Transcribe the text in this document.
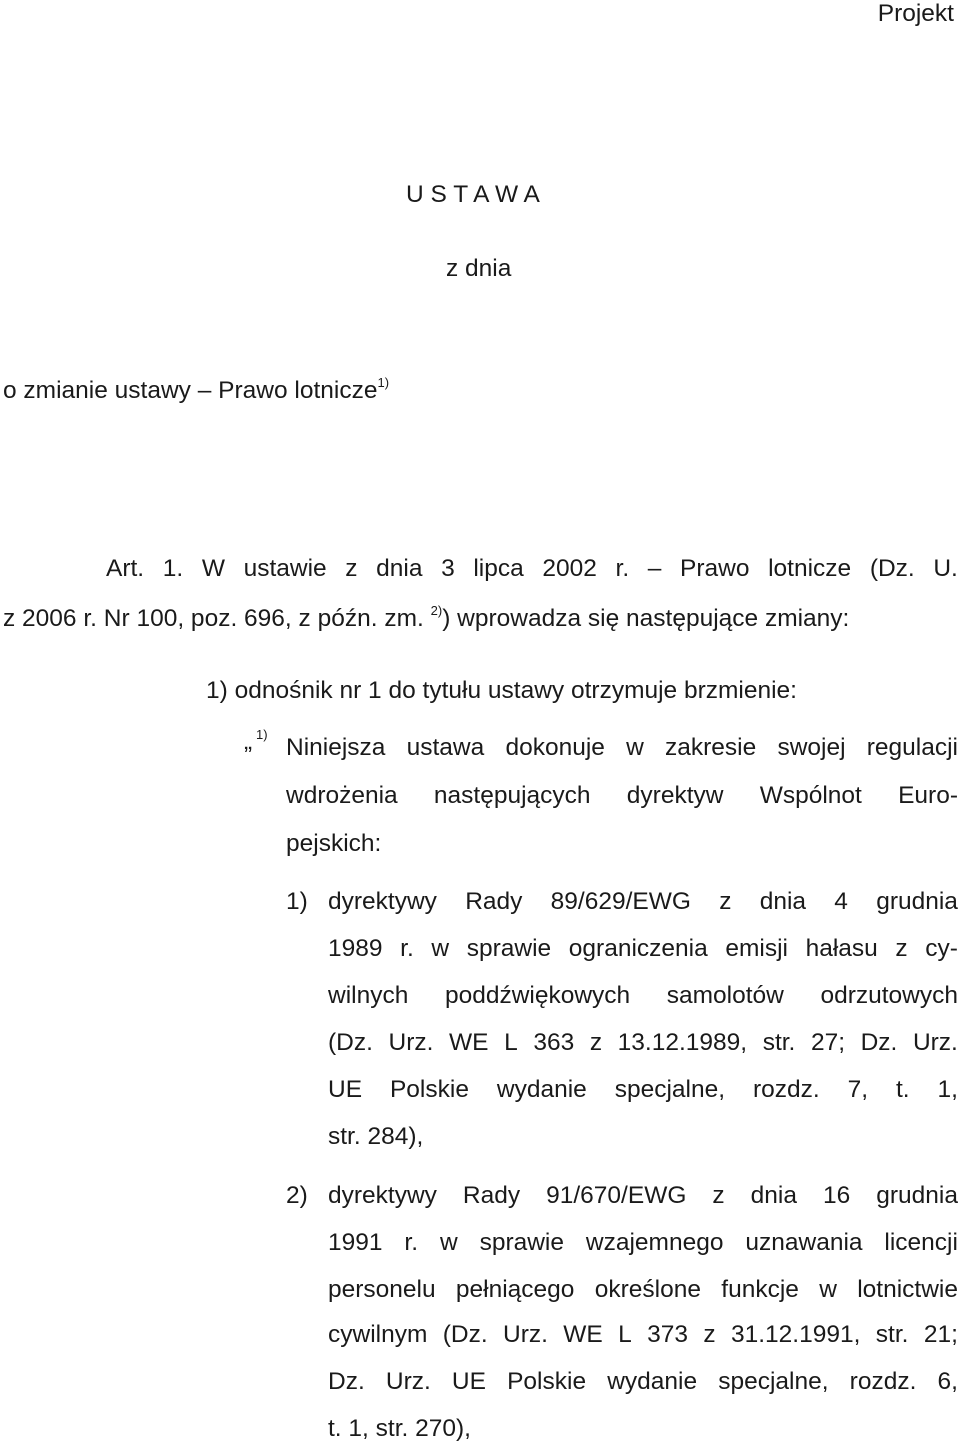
Projekt
U S T A W A
z dnia
o zmianie ustawy – Prawo lotnicze$^{1)}$
Art. 1. W ustawie z dnia 3 lipca 2002 r. – Prawo lotnicze (Dz. U.
z 2006 r. Nr 100, poz. 696, z późn. zm. $^{2)}$) wprowadza się następujące zmiany:
1) odnośnik nr 1 do tytułu ustawy otrzymuje brzmienie:
„ 1) Niniejsza ustawa dokonuje w zakresie swojej regulacji
wdrożenia następujących dyrektyw Wspólnot Euro-
pejskich:
1) dyrektywy Rady 89/629/EWG z dnia 4 grudnia
1989 r. w sprawie ograniczenia emisji hałasu z cy-
wilnych poddźwiękowych samolotów odrzutowych
(Dz. Urz. WE L 363 z 13.12.1989, str. 27; Dz. Urz.
UE Polskie wydanie specjalne, rozdz. 7, t. 1,
str. 284),
2) dyrektywy Rady 91/670/EWG z dnia 16 grudnia
1991 r. w sprawie wzajemnego uznawania licencji
personelu pełniącego określone funkcje w lotnictwie
cywilnym (Dz. Urz. WE L 373 z 31.12.1991, str. 21;
Dz. Urz. UE Polskie wydanie specjalne, rozdz. 6,
t. 1, str. 270),
